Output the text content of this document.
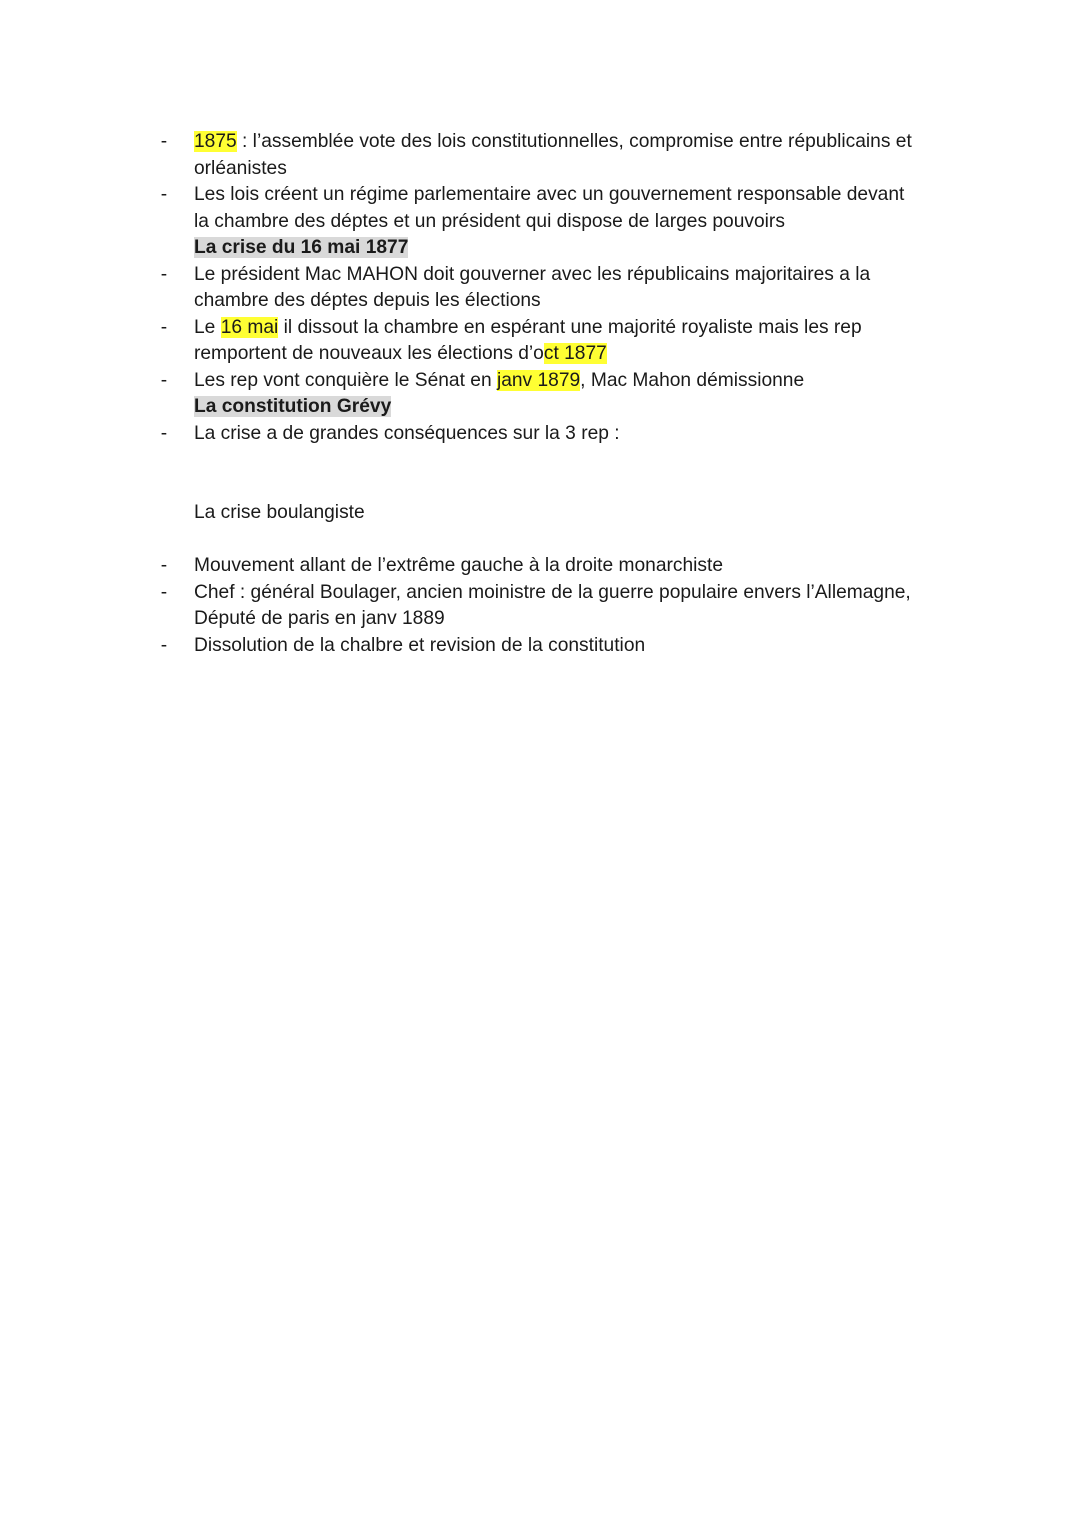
- 1875 : l’assemblée vote des lois constitutionnelles, compromise entre républicains et
orléanistes
- Les lois créent un régime parlementaire avec un gouvernement responsable devant
la chambre des déptes et un président qui dispose de larges pouvoirs
La crise du 16 mai 1877
- Le président Mac MAHON doit gouverner avec les républicains majoritaires a la
chambre des déptes depuis les élections
- Le 16 mai il dissout la chambre en espérant une majorité royaliste mais les rep
remportent de nouveaux les élections d’oct 1877
- Les rep vont conquière le Sénat en janv 1879, Mac Mahon démissionne
La constitution Grévy
- La crise a de grandes conséquences sur la 3 rep :
La crise boulangiste
- Mouvement allant de l’extrême gauche à la droite monarchiste
- Chef : général Boulager, ancien moinistre de la guerre populaire envers l’Allemagne,
Député de paris en janv 1889
- Dissolution de la chalbre et revision de la constitution
